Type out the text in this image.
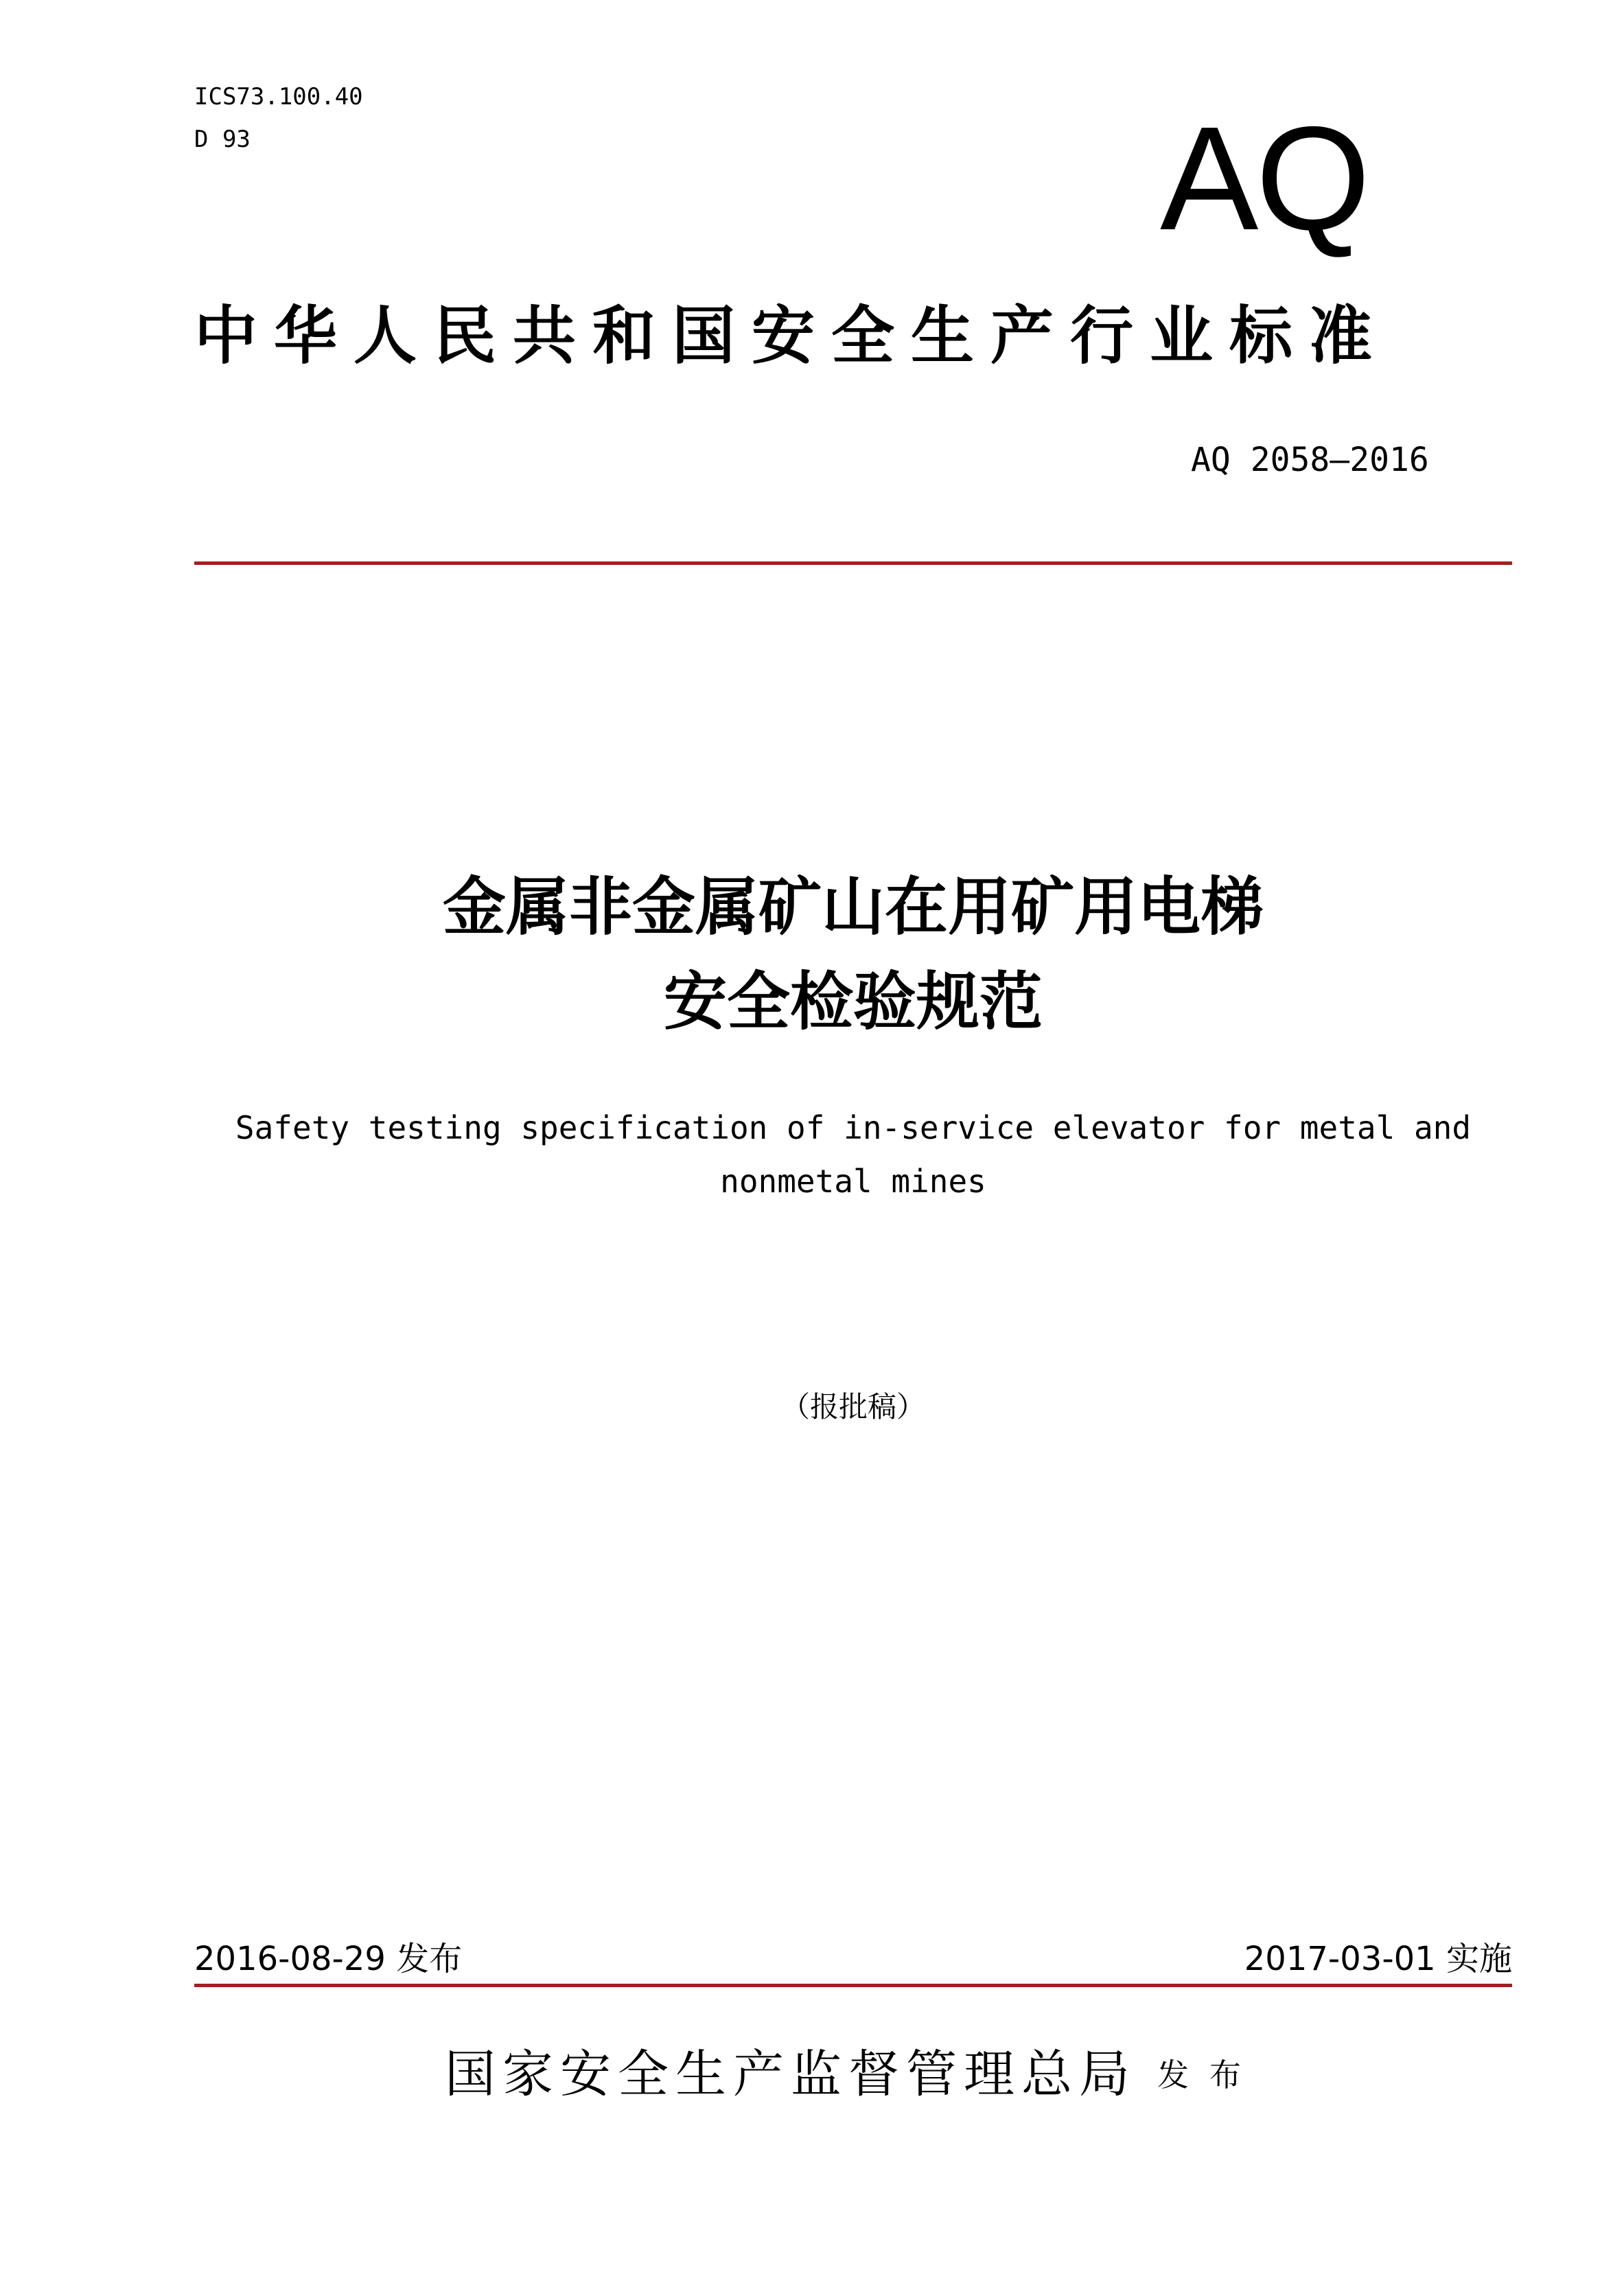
ICS73.100.40
D 93	AQ
中华人民共和国安全生产行业标准
AQ 2058—2016
金属非金属矿山在用矿用电梯
安全检验规范
Safety testing specification of in-service elevator for metal and
nonmetal mines
（报批稿）
2016-08-29 发布	2017-03-01 实施
国家安全生产监督管理总局 发布
